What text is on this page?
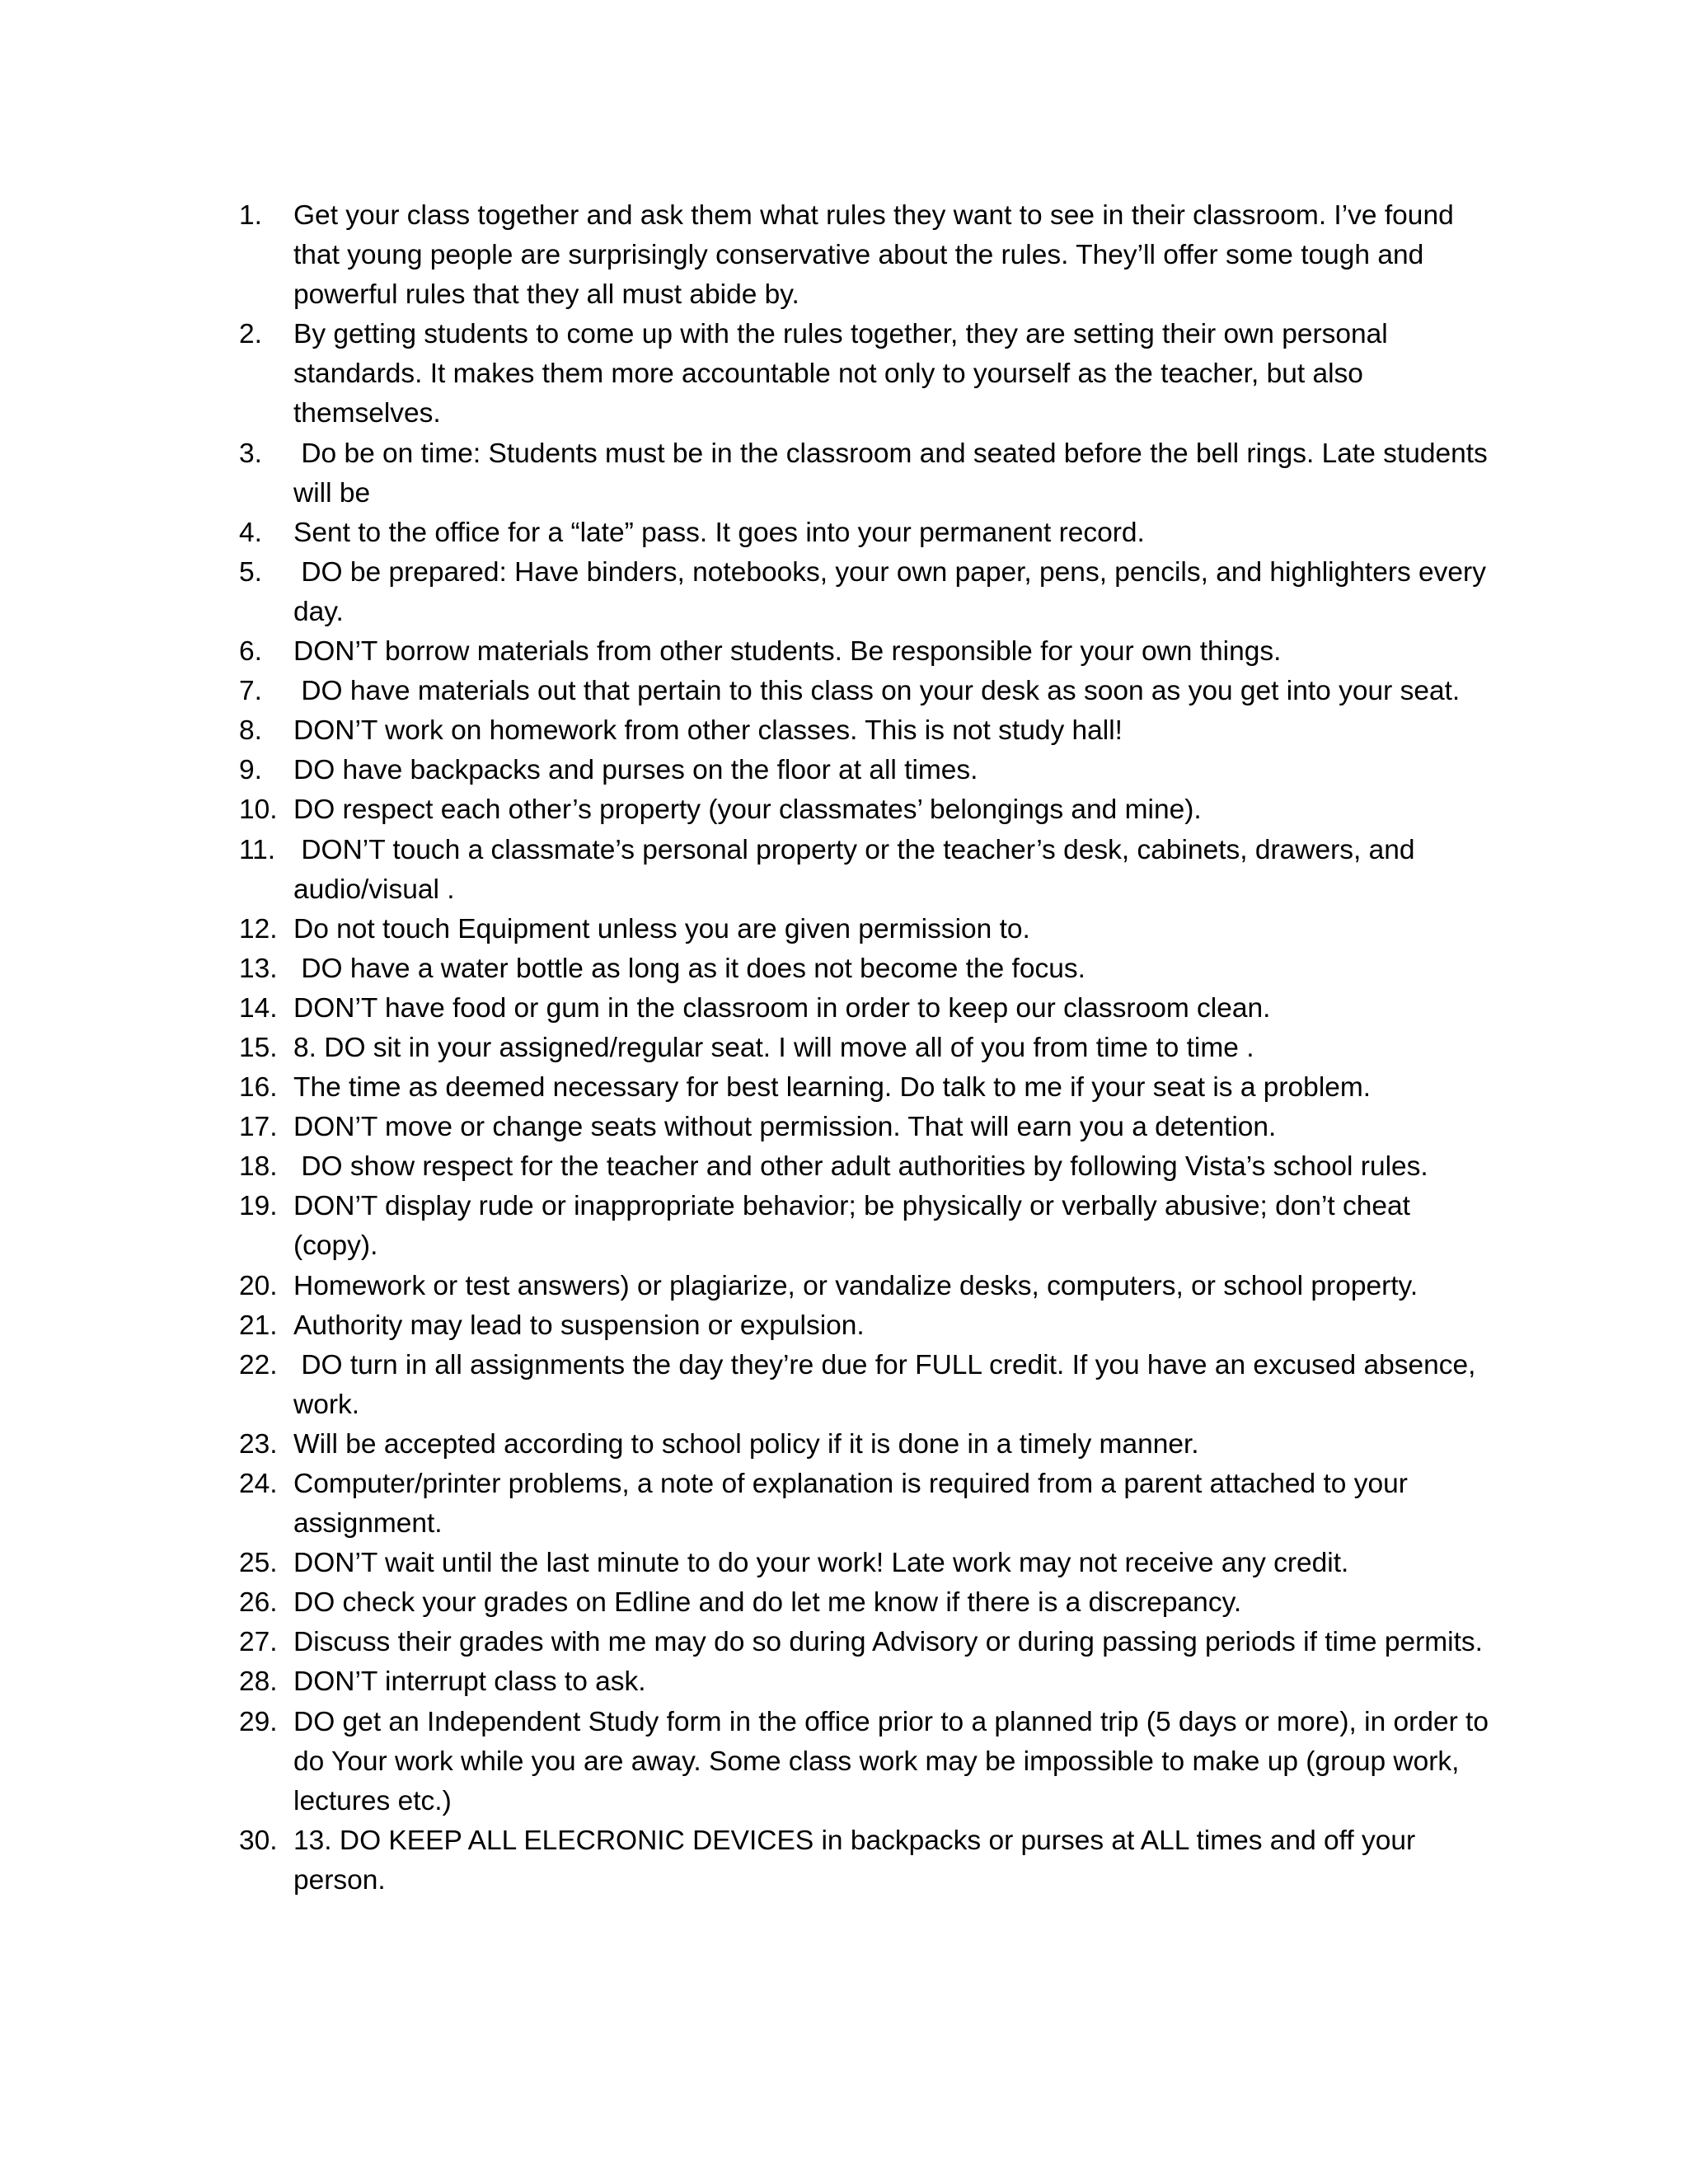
1.	Get your class together and ask them what rules they want to see in their classroom. I’ve found that young people are surprisingly conservative about the rules. They’ll offer some tough and powerful rules that they all must abide by.
2.	By getting students to come up with the rules together, they are setting their own personal standards. It makes them more accountable not only to yourself as the teacher, but also themselves.
3.	Do be on time: Students must be in the classroom and seated before the bell rings. Late students will be
4.	Sent to the office for a “late” pass. It goes into your permanent record.
5.	DO be prepared: Have binders, notebooks, your own paper, pens, pencils, and highlighters every day.
6.	DON’T borrow materials from other students. Be responsible for your own things.
7.	DO have materials out that pertain to this class on your desk as soon as you get into your seat.
8.	DON’T work on homework from other classes. This is not study hall!
9.	DO have backpacks and purses on the floor at all times.
10. DO respect each other’s property (your classmates’ belongings and mine).
11. DON’T touch a classmate’s personal property or the teacher’s desk, cabinets, drawers, and audio/visual .
12. Do not touch Equipment unless you are given permission to.
13. DO have a water bottle as long as it does not become the focus.
14. DON’T have food or gum in the classroom in order to keep our classroom clean.
15. 8. DO sit in your assigned/regular seat. I will move all of you from time to time .
16. The time as deemed necessary for best learning. Do talk to me if your seat is a problem.
17. DON’T move or change seats without permission. That will earn you a detention.
18. DO show respect for the teacher and other adult authorities by following Vista’s school rules.
19. DON’T display rude or inappropriate behavior; be physically or verbally abusive; don’t cheat (copy).
20. Homework or test answers) or plagiarize, or vandalize desks, computers, or school property.
21. Authority may lead to suspension or expulsion.
22. DO turn in all assignments the day they’re due for FULL credit. If you have an excused absence, work.
23. Will be accepted according to school policy if it is done in a timely manner.
24. Computer/printer problems, a note of explanation is required from a parent attached to your assignment.
25. DON’T wait until the last minute to do your work! Late work may not receive any credit.
26. DO check your grades on Edline and do let me know if there is a discrepancy.
27. Discuss their grades with me may do so during Advisory or during passing periods if time permits.
28. DON’T interrupt class to ask.
29. DO get an Independent Study form in the office prior to a planned trip (5 days or more), in order to do Your work while you are away. Some class work may be impossible to make up (group work, lectures etc.)
30. 13. DO KEEP ALL ELECRONIC DEVICES in backpacks or purses at ALL times and off your person.
